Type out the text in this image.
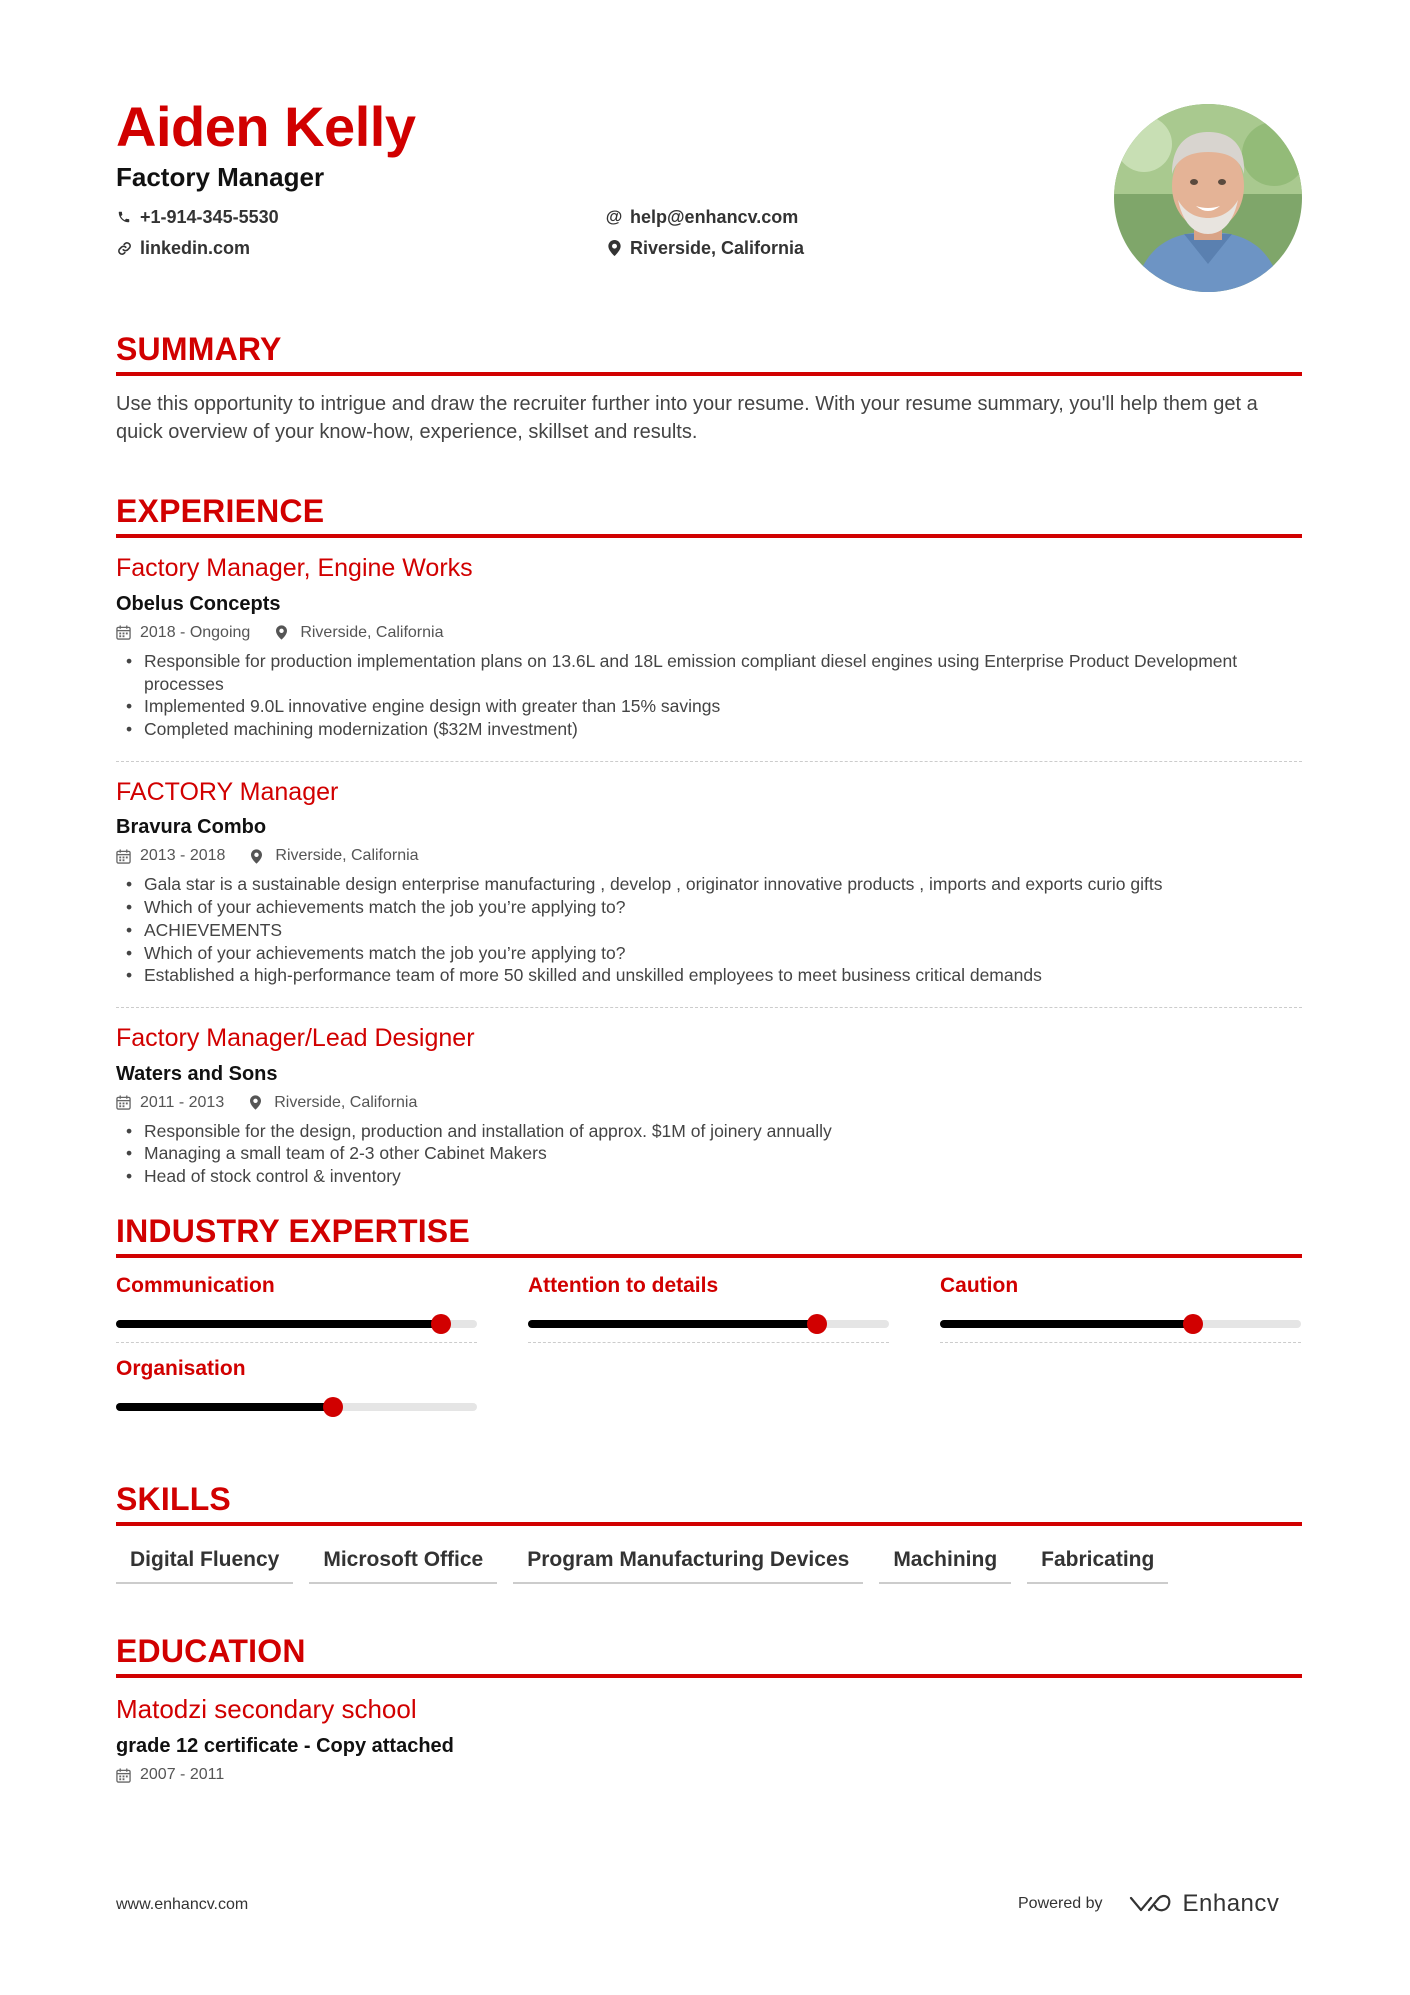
Aiden Kelly
Factory Manager
+1-914-345-5530	@ help@enhancv.com
linkedin.com	Riverside, California
SUMMARY
Use this opportunity to intrigue and draw the recruiter further into your resume. With your resume summary, you'll help them get a quick overview of your know-how, experience, skillset and results.
EXPERIENCE
Factory Manager, Engine Works
Obelus Concepts
2018 - Ongoing	Riverside, California
• Responsible for production implementation plans on 13.6L and 18L emission compliant diesel engines using Enterprise Product Development processes
• Implemented 9.0L innovative engine design with greater than 15% savings
• Completed machining modernization ($32M investment)
FACTORY Manager
Bravura Combo
2013 - 2018	Riverside, California
• Gala star is a sustainable design enterprise manufacturing , develop , originator innovative products , imports and exports curio gifts
• Which of your achievements match the job you’re applying to?
• ACHIEVEMENTS
• Which of your achievements match the job you’re applying to?
• Established a high-performance team of more 50 skilled and unskilled employees to meet business critical demands
Factory Manager/Lead Designer
Waters and Sons
2011 - 2013	Riverside, California
• Responsible for the design, production and installation of approx. $1M of joinery annually
• Managing a small team of 2-3 other Cabinet Makers
• Head of stock control & inventory
INDUSTRY EXPERTISE
Communication	Attention to details	Caution
Organisation
SKILLS
Digital Fluency	Microsoft Office	Program Manufacturing Devices	Machining	Fabricating
EDUCATION
Matodzi secondary school
grade 12 certificate - Copy attached
2007 - 2011
www.enhancv.com	Powered by	Enhancv
